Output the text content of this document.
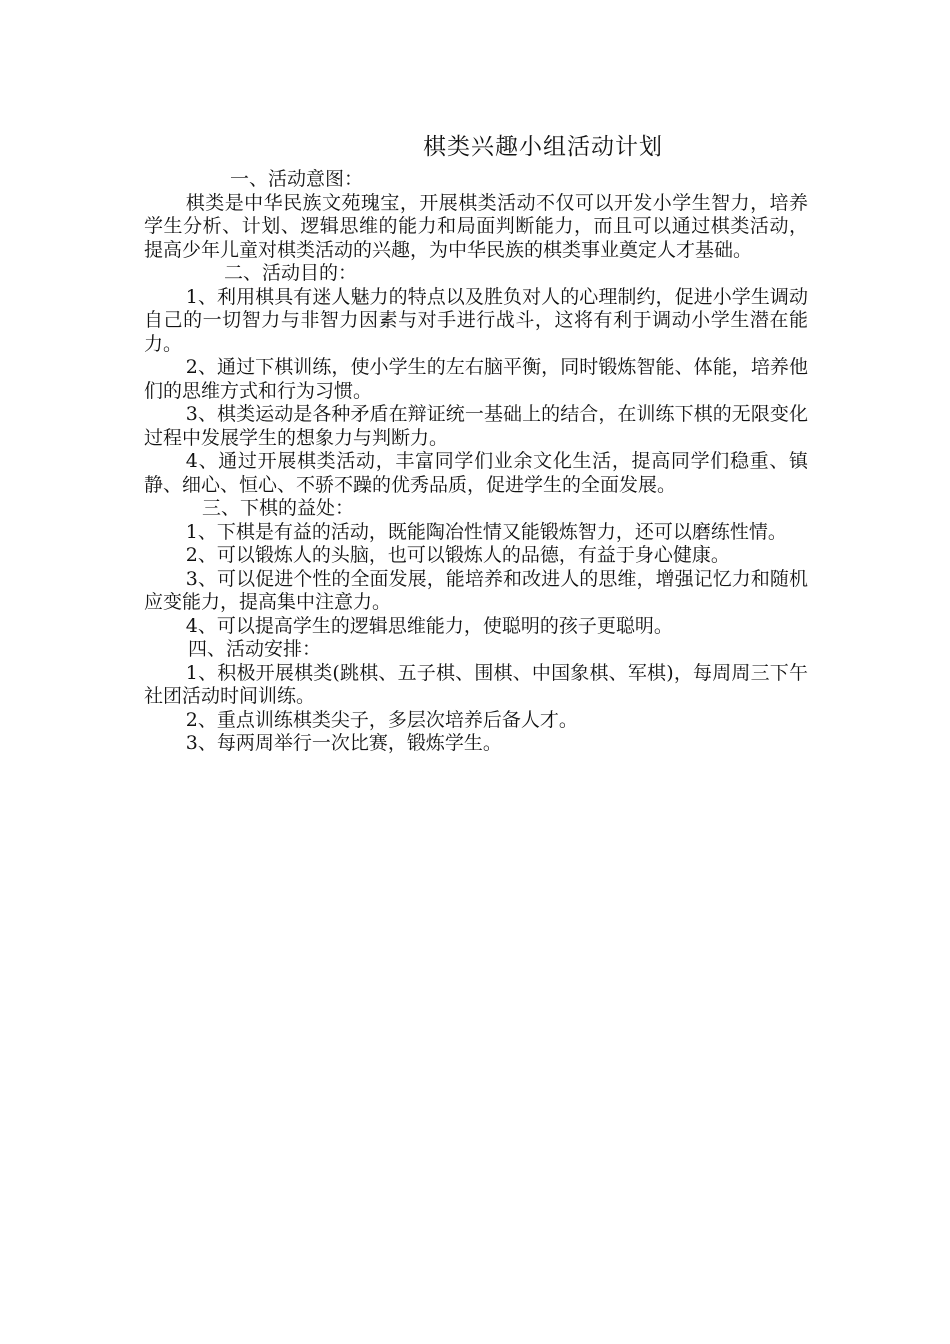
棋类兴趣小组活动计划
一、活动意图：

棋类是中华民族文苑瑰宝，开展棋类活动不仅可以开发小学生智力，培养学生分析、计划、逻辑思维的能力和局面判断能力，而且可以通过棋类活动，提高少年儿童对棋类活动的兴趣，为中华民族的棋类事业奠定人才基础。

二、活动目的：

1、利用棋具有迷人魅力的特点以及胜负对人的心理制约，促进小学生调动自己的一切智力与非智力因素与对手进行战斗，这将有利于调动小学生潜在能力。

2、通过下棋训练，使小学生的左右脑平衡，同时锻炼智能、体能，培养他们的思维方式和行为习惯。

3、棋类运动是各种矛盾在辩证统一基础上的结合，在训练下棋的无限变化过程中发展学生的想象力与判断力。

4、通过开展棋类活动，丰富同学们业余文化生活，提高同学们稳重、镇静、细心、恒心、不骄不躁的优秀品质，促进学生的全面发展。

三、下棋的益处：

1、下棋是有益的活动，既能陶冶性情又能锻炼智力，还可以磨练性情。

2、可以锻炼人的头脑，也可以锻炼人的品德，有益于身心健康。

3、可以促进个性的全面发展，能培养和改进人的思维，增强记忆力和随机应变能力，提高集中注意力。

4、可以提高学生的逻辑思维能力，使聪明的孩子更聪明。

四、活动安排：

1、积极开展棋类(跳棋、五子棋、围棋、中国象棋、军棋)，每周周三下午社团活动时间训练。

2、重点训练棋类尖子，多层次培养后备人才。

3、每两周举行一次比赛，锻炼学生。
